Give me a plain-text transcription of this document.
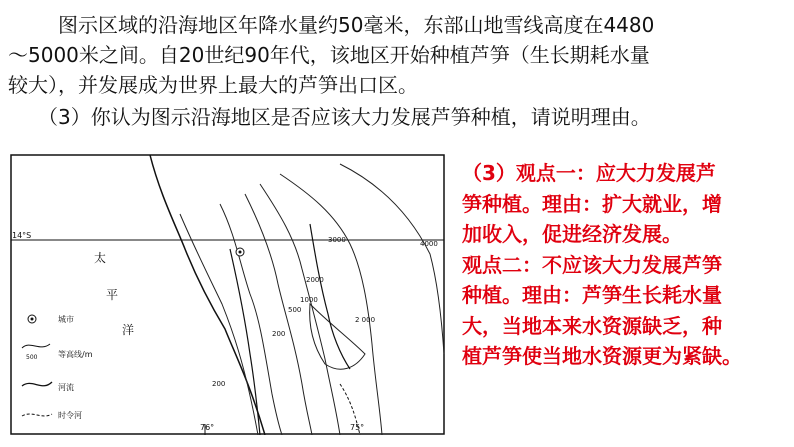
图示区域的沿海地区年降水量约50毫米，东部山地雪线高度在4480
～5000米之间。自20世纪90年代，该地区开始种植芦笋（生长期耗水量
较大），并发展成为世界上最大的芦笋出口区。
（3）你认为图示沿海地区是否应该大力发展芦笋种植，请说明理由。
14°S	3000
2000
1000
500
200
2 000
4000
200
太
平
洋
76°	75°
城市
500	等高线/m
河流
时令河
（3）观点一：应大力发展芦
笋种植。理由：扩大就业，增
加收入，促进经济发展。
观点二：不应该大力发展芦笋
种植。理由：芦笋生长耗水量
大，当地本来水资源缺乏，种
植芦笋使当地水资源更为紧缺。
